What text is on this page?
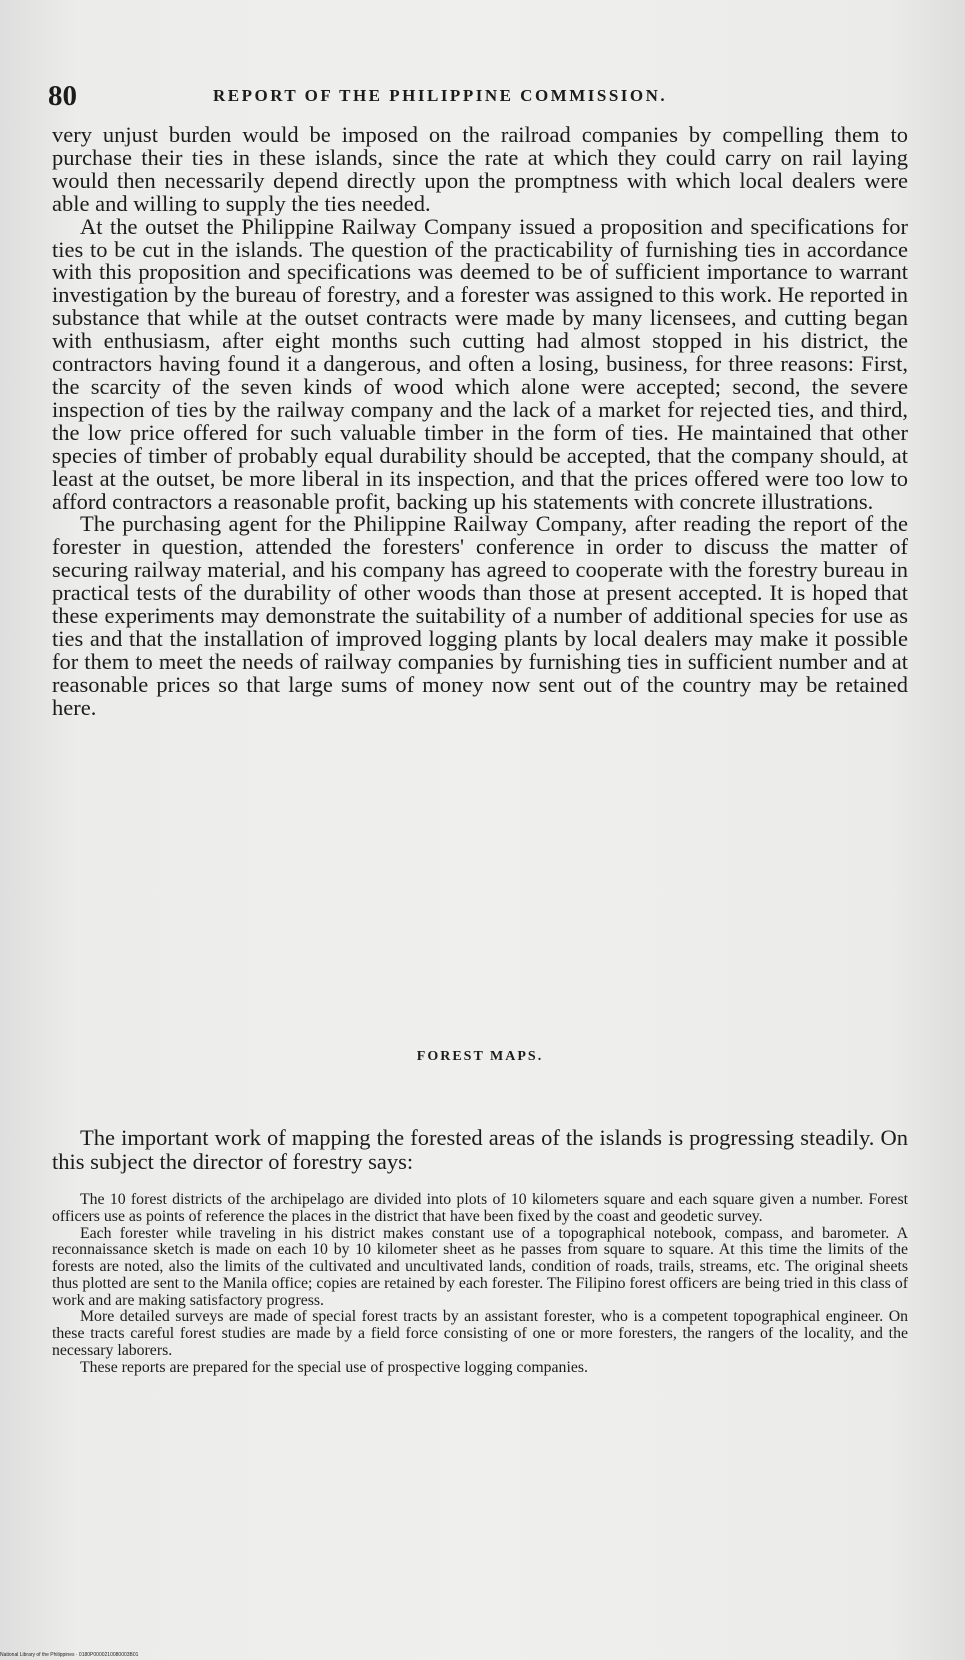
80	REPORT OF THE PHILIPPINE COMMISSION.

very unjust burden would be imposed on the railroad companies by compelling them to purchase their ties in these islands, since the rate at which they could carry on rail laying would then necessarily depend directly upon the promptness with which local dealers were able and willing to supply the ties needed.

At the outset the Philippine Railway Company issued a proposition and specifications for ties to be cut in the islands. The question of the practicability of furnishing ties in accordance with this proposition and specifications was deemed to be of sufficient importance to warrant investigation by the bureau of forestry, and a forester was assigned to this work. He reported in substance that while at the outset contracts were made by many licensees, and cutting began with enthusiasm, after eight months such cutting had almost stopped in his district, the contractors having found it a dangerous, and often a losing, business, for three reasons: First, the scarcity of the seven kinds of wood which alone were accepted; second, the severe inspection of ties by the railway company and the lack of a market for rejected ties, and third, the low price offered for such valuable timber in the form of ties. He maintained that other species of timber of probably equal durability should be accepted, that the company should, at least at the outset, be more liberal in its inspection, and that the prices offered were too low to afford contractors a reasonable profit, backing up his statements with concrete illustrations.

The purchasing agent for the Philippine Railway Company, after reading the report of the forester in question, attended the foresters' conference in order to discuss the matter of securing railway material, and his company has agreed to cooperate with the forestry bureau in practical tests of the durability of other woods than those at present accepted. It is hoped that these experiments may demonstrate the suitability of a number of additional species for use as ties and that the installation of improved logging plants by local dealers may make it possible for them to meet the needs of railway companies by furnishing ties in sufficient number and at reasonable prices so that large sums of money now sent out of the country may be retained here.

FOREST MAPS.

The important work of mapping the forested areas of the islands is progressing steadily. On this subject the director of forestry says:

The 10 forest districts of the archipelago are divided into plots of 10 kilometers square and each square given a number. Forest officers use as points of reference the places in the district that have been fixed by the coast and geodetic survey.

Each forester while traveling in his district makes constant use of a topographical notebook, compass, and barometer. A reconnaissance sketch is made on each 10 by 10 kilometer sheet as he passes from square to square. At this time the limits of the forests are noted, also the limits of the cultivated and uncultivated lands, condition of roads, trails, streams, etc. The original sheets thus plotted are sent to the Manila office; copies are retained by each forester. The Filipino forest officers are being tried in this class of work and are making satisfactory progress.

More detailed surveys are made of special forest tracts by an assistant forester, who is a competent topographical engineer. On these tracts careful forest studies are made by a field force consisting of one or more foresters, the rangers of the locality, and the necessary laborers.

These reports are prepared for the special use of prospective logging companies.

National Library of the Philippines · 0180P0000210080003B01
